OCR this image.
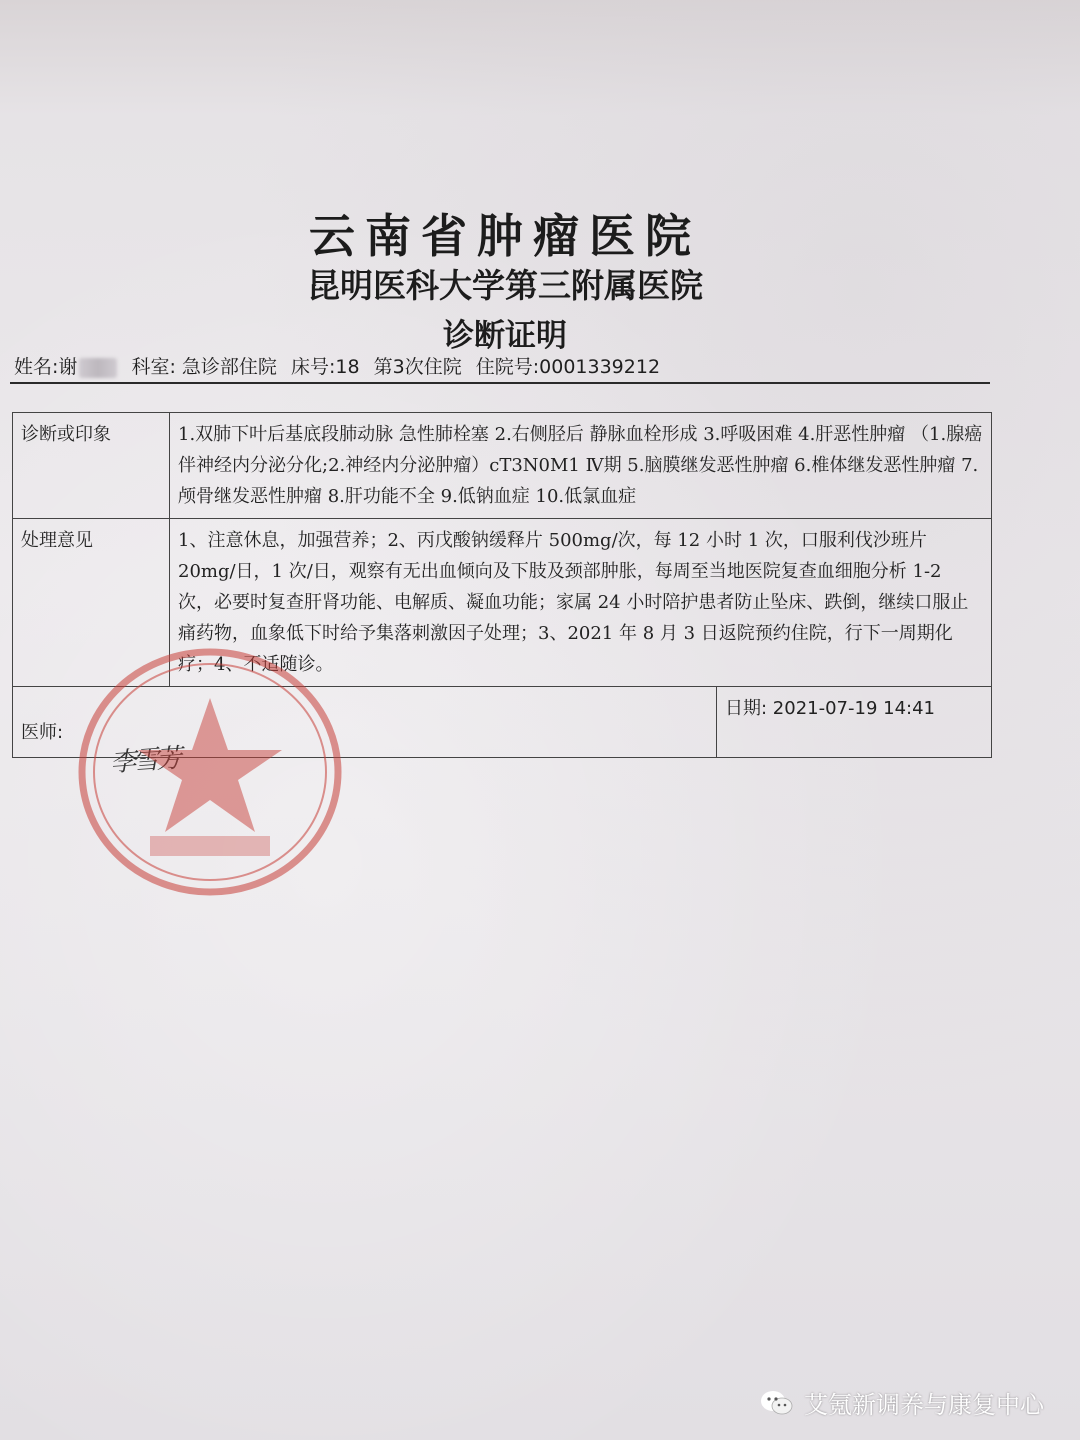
云南省肿瘤医院
昆明医科大学第三附属医院
诊断证明
姓名:谢	科室: 急诊部住院 床号:18 第3次住院 住院号:0001339212
诊断或印象	1.双肺下叶后基底段肺动脉 急性肺栓塞 2.右侧胫后 静脉血栓形成 3.呼吸困难 4.肝恶性肿瘤 （1.腺癌伴神经内分泌分化;2.神经内分泌肿瘤）cT3N0M1 Ⅳ期 5.脑膜继发恶性肿瘤 6.椎体继发恶性肿瘤 7.颅骨继发恶性肿瘤 8.肝功能不全 9.低钠血症 10.低氯血症
处理意见	1、注意休息，加强营养；2、丙戊酸钠缓释片 500mg/次，每 12 小时 1 次，口服利伐沙班片 20mg/日，1 次/日，观察有无出血倾向及下肢及颈部肿胀，每周至当地医院复查血细胞分析 1-2 次，必要时复查肝肾功能、电解质、凝血功能；家属 24 小时陪护患者防止坠床、跌倒，继续口服止痛药物，血象低下时给予集落刺激因子处理；3、2021 年 8 月 3 日返院预约住院，行下一周期化疗；4、不适随诊。
医师:	日期: 2021-07-19 14:41
李雪芳
艾氪新调养与康复中心
